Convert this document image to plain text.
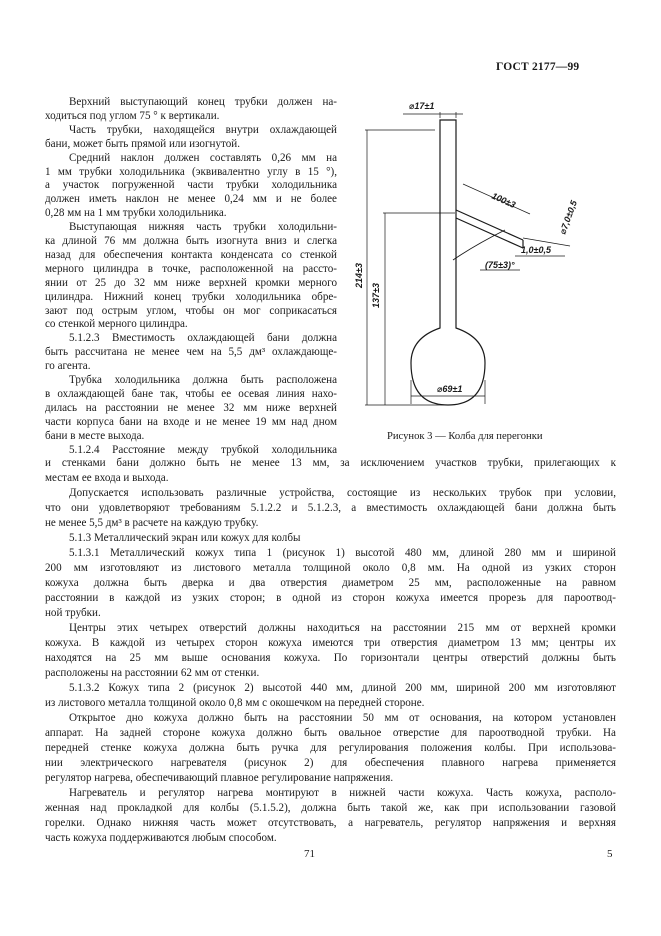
ГОСТ 2177—99
Верхний выступающий конец трубки должен на-
ходиться под углом 75 ° к вертикали.
Часть трубки, находящейся внутри охлаждающей
бани, может быть прямой или изогнутой.
Средний наклон должен составлять 0,26 мм на
1 мм трубки холодильника (эквивалентно углу в 15 °),
а участок погруженной части трубки холодильника
должен иметь наклон не менее 0,24 мм и не более
0,28 мм на 1 мм трубки холодильника.
Выступающая нижняя часть трубки холодильни-
ка длиной 76 мм должна быть изогнута вниз и слегка
назад для обеспечения контакта конденсата со стенкой
мерного цилиндра в точке, расположенной на рассто-
янии от 25 до 32 мм ниже верхней кромки мерного
цилиндра. Нижний конец трубки холодильника обре-
зают под острым углом, чтобы он мог соприкасаться
со стенкой мерного цилиндра.
5.1.2.3 Вместимость охлаждающей бани должна
быть рассчитана не менее чем на 5,5 дм³ охлаждающе-
го агента.
Трубка холодильника должна быть расположена
в охлаждающей бане так, чтобы ее осевая линия нахо-
дилась на расстоянии не менее 32 мм ниже верхней
части корпуса бани на входе и не менее 19 мм над дном
бани в месте выхода.
5.1.2.4 Расстояние между трубкой холодильника
⌀17±1
214±3
137±3
⌀69±1
100±3	⌀7,0±0,5
1,0±0,5
(75±3)°
Рисунок 3 — Колба для перегонки
и стенками бани должно быть не менее 13 мм, за исключением участков трубки, прилегающих к
местам ее входа и выхода.
Допускается использовать различные устройства, состоящие из нескольких трубок при условии,
что они удовлетворяют требованиям 5.1.2.2 и 5.1.2.3, а вместимость охлаждающей бани должна быть
не менее 5,5 дм³ в расчете на каждую трубку.
5.1.3 Металлический экран или кожух для колбы
5.1.3.1 Металлический кожух типа 1 (рисунок 1) высотой 480 мм, длиной 280 мм и шириной
200 мм изготовляют из листового металла толщиной около 0,8 мм. На одной из узких сторон
кожуха должна быть дверка и два отверстия диаметром 25 мм, расположенные на равном
расстоянии в каждой из узких сторон; в одной из сторон кожуха имеется прорезь для пароотвод-
ной трубки.
Центры этих четырех отверстий должны находиться на расстоянии 215 мм от верхней кромки
кожуха. В каждой из четырех сторон кожуха имеются три отверстия диаметром 13 мм; центры их
находятся на 25 мм выше основания кожуха. По горизонтали центры отверстий должны быть
расположены на расстоянии 62 мм от стенки.
5.1.3.2 Кожух типа 2 (рисунок 2) высотой 440 мм, длиной 200 мм, шириной 200 мм изготовляют
из листового металла толщиной около 0,8 мм с окошечком на передней стороне.
Открытое дно кожуха должно быть на расстоянии 50 мм от основания, на котором установлен
аппарат. На задней стороне кожуха должно быть овальное отверстие для пароотводной трубки. На
передней стенке кожуха должна быть ручка для регулирования положения колбы. При использова-
нии электрического нагревателя (рисунок 2) для обеспечения плавного нагрева применяется
регулятор нагрева, обеспечивающий плавное регулирование напряжения.
Нагреватель и регулятор нагрева монтируют в нижней части кожуха. Часть кожуха, располо-
женная над прокладкой для колбы (5.1.5.2), должна быть такой же, как при использовании газовой
горелки. Однако нижняя часть может отсутствовать, а нагреватель, регулятор напряжения и верхняя
часть кожуха поддерживаются любым способом.
71	5
